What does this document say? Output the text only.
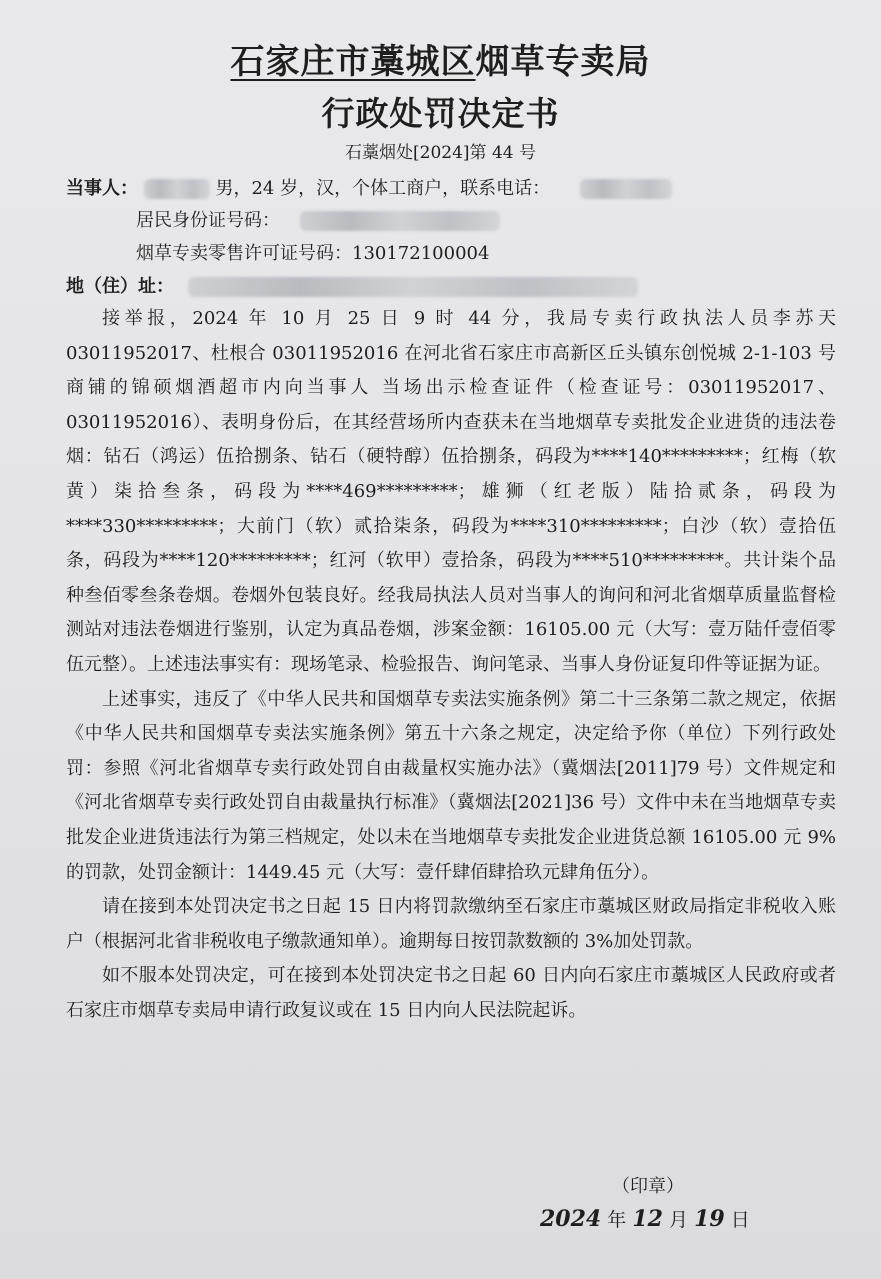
石家庄市藁城区烟草专卖局
行政处罚决定书
石藁烟处[2024]第 44 号
当事人：	男，24 岁，汉，个体工商户，联系电话：
居民身份证号码：
烟草专卖零售许可证号码：130172100004
地（住）址：

接举报，2024 年 10 月 25 日 9 时 44 分，我局专卖行政执法人员李苏天 03011952017、杜根合 03011952016 在河北省石家庄市高新区丘头镇东创悦城 2-1-103 号商铺的锦硕烟酒超市内向当事人 当场出示检查证件（检查证号：03011952017、03011952016）、表明身份后，在其经营场所内查获未在当地烟草专卖批发企业进货的违法卷烟：钻石（鸿运）伍拾捌条、钻石（硬特醇）伍拾捌条，码段为****140*********；红梅（软黄）柒拾叁条，码段为****469*********；雄狮（红老版）陆拾贰条，码段为****330*********；大前门（软）贰拾柒条，码段为****310*********；白沙（软）壹拾伍条，码段为****120*********；红河（软甲）壹拾条，码段为****510*********。共计柒个品种叁佰零叁条卷烟。卷烟外包装良好。经我局执法人员对当事人的询问和河北省烟草质量监督检测站对违法卷烟进行鉴别，认定为真品卷烟，涉案金额：16105.00 元（大写：壹万陆仟壹佰零伍元整）。上述违法事实有：现场笔录、检验报告、询问笔录、当事人身份证复印件等证据为证。

上述事实，违反了《中华人民共和国烟草专卖法实施条例》第二十三条第二款之规定，依据《中华人民共和国烟草专卖法实施条例》第五十六条之规定，决定给予你（单位）下列行政处罚：参照《河北省烟草专卖行政处罚自由裁量权实施办法》（冀烟法[2011]79 号）文件规定和《河北省烟草专卖行政处罚自由裁量执行标准》（冀烟法[2021]36 号）文件中未在当地烟草专卖批发企业进货违法行为第三档规定，处以未在当地烟草专卖批发企业进货总额 16105.00 元 9%的罚款，处罚金额计：1449.45 元（大写：壹仟肆佰肆拾玖元肆角伍分）。

请在接到本处罚决定书之日起 15 日内将罚款缴纳至石家庄市藁城区财政局指定非税收入账户（根据河北省非税收电子缴款通知单）。逾期每日按罚款数额的 3%加处罚款。

如不服本处罚决定，可在接到本处罚决定书之日起 60 日内向石家庄市藁城区人民政府或者石家庄市烟草专卖局申请行政复议或在 15 日内向人民法院起诉。

（印章）
2024 年 12 月 19 日
